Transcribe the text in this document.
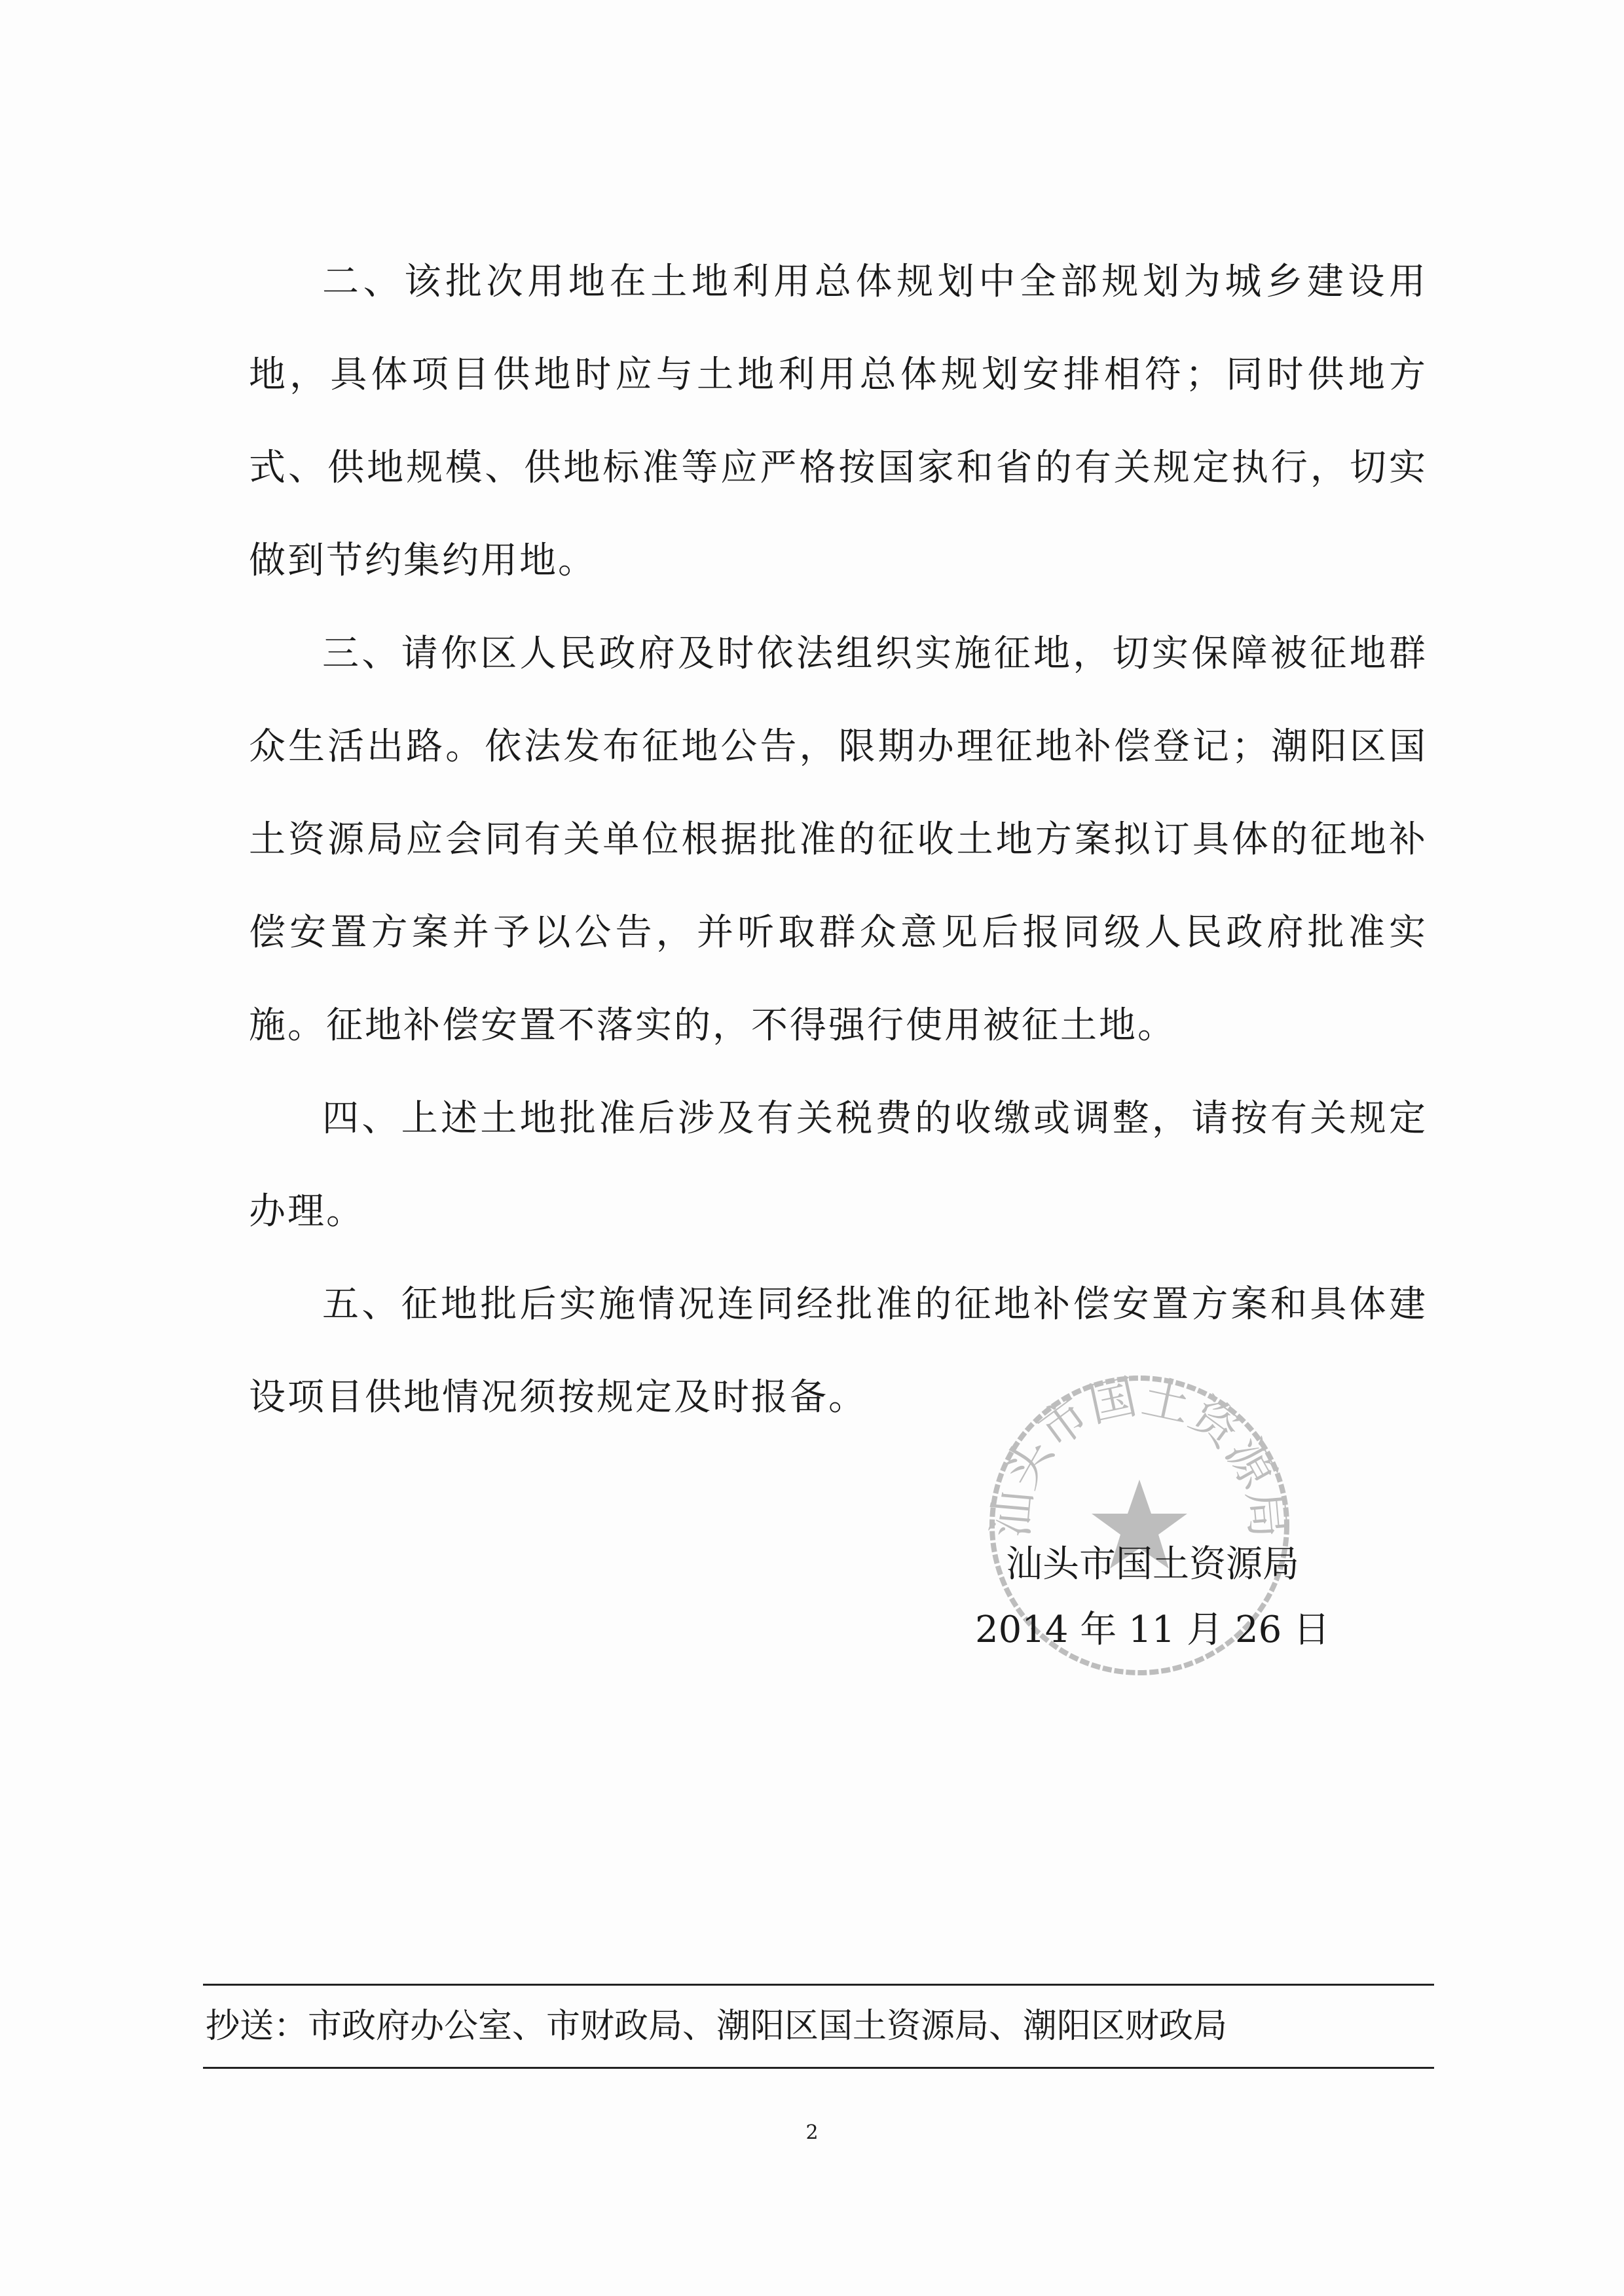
二、该批次用地在土地利用总体规划中全部规划为城乡建设用地，具体项目供地时应与土地利用总体规划安排相符；同时供地方式、供地规模、供地标准等应严格按国家和省的有关规定执行，切实做到节约集约用地。

三、请你区人民政府及时依法组织实施征地，切实保障被征地群众生活出路。依法发布征地公告，限期办理征地补偿登记；潮阳区国土资源局应会同有关单位根据批准的征收土地方案拟订具体的征地补偿安置方案并予以公告，并听取群众意见后报同级人民政府批准实施。征地补偿安置不落实的，不得强行使用被征土地。

四、上述土地批准后涉及有关税费的收缴或调整，请按有关规定办理。

五、征地批后实施情况连同经批准的征地补偿安置方案和具体建设项目供地情况须按规定及时报备。

汕头市国土资源局
汕头市国土资源局
2014 年 11 月 26 日
抄送：市政府办公室、市财政局、潮阳区国土资源局、潮阳区财政局
2
